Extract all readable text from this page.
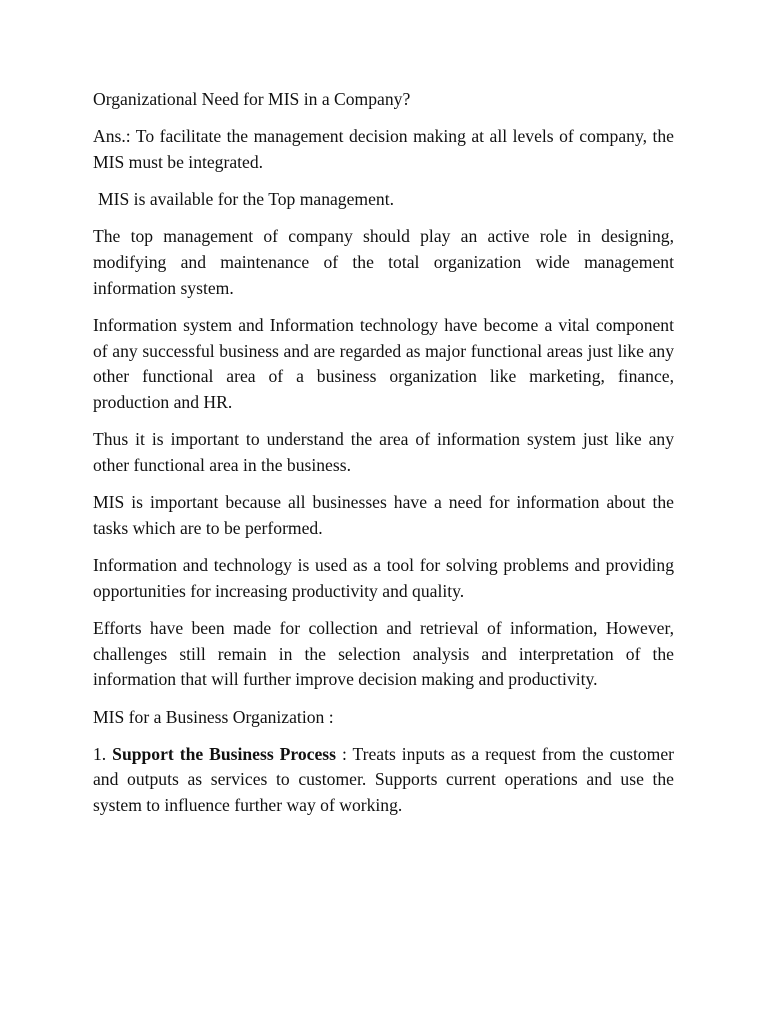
Organizational Need for MIS in a Company?

Ans.: To facilitate the management decision making at all levels of company, the MIS must be integrated.

MIS is available for the Top management.

The top management of company should play an active role in designing, modifying and maintenance of the total organization wide management information system.

Information system and Information technology have become a vital component of any successful business and are regarded as major functional areas just like any other functional area of a business organization like marketing, finance, production and HR.

Thus it is important to understand the area of information system just like any other functional area in the business.

MIS is important because all businesses have a need for information about the tasks which are to be performed.

Information and technology is used as a tool for solving problems and providing opportunities for increasing productivity and quality.

Efforts have been made for collection and retrieval of information, However, challenges still remain in the selection analysis and interpretation of the information that will further improve decision making and productivity.

MIS for a Business Organization :

1. Support the Business Process : Treats inputs as a request from the customer and outputs as services to customer. Supports current operations and use the system to influence further way of working.
